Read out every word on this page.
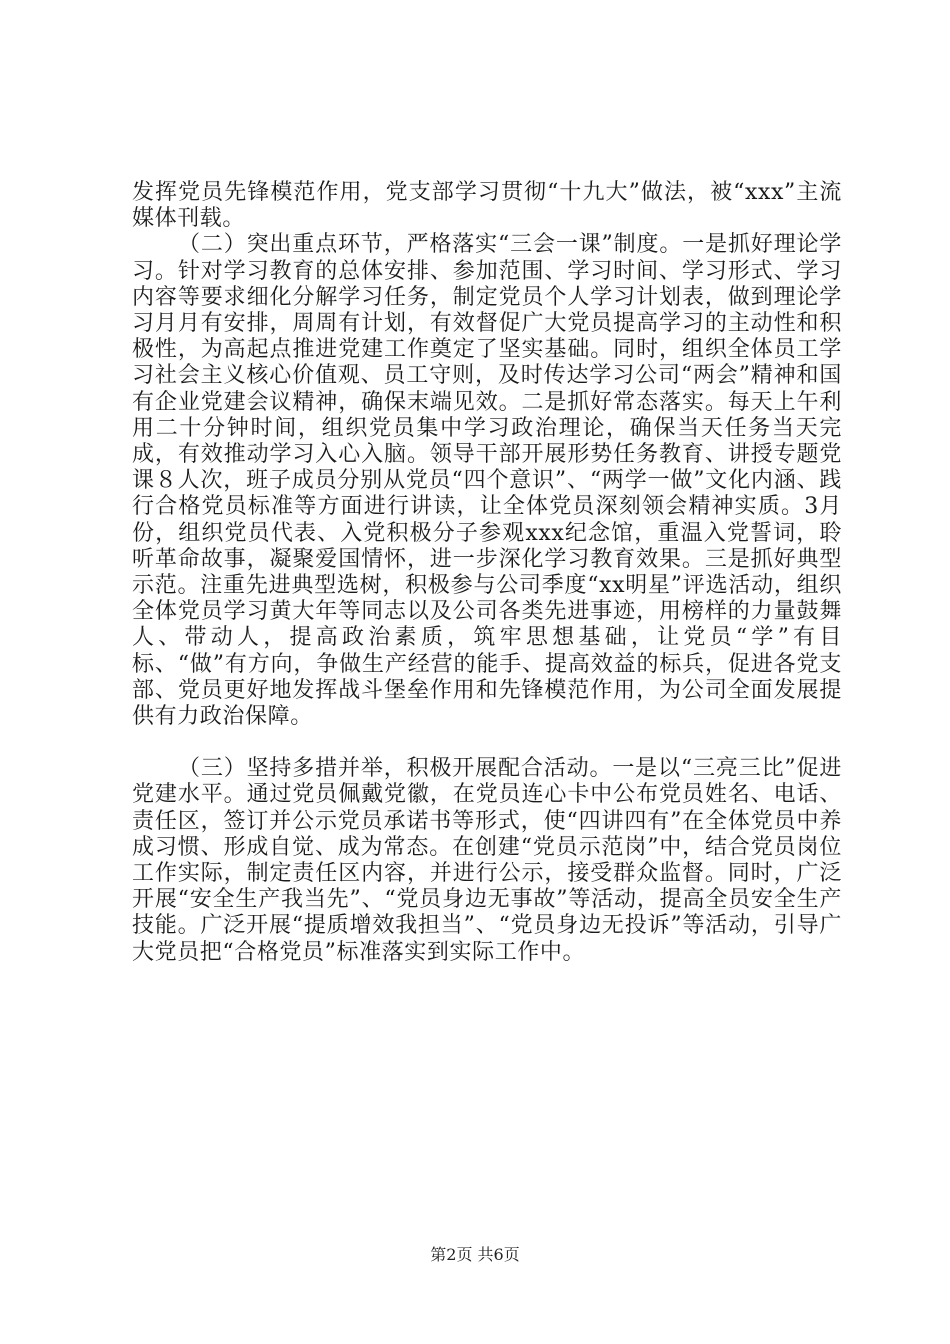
发挥党员先锋模范作用，党支部学习贯彻“十九大”做法，被“xxx”主流媒体刊载。

（二）突出重点环节，严格落实“三会一课”制度。一是抓好理论学习。针对学习教育的总体安排、参加范围、学习时间、学习形式、学习内容等要求细化分解学习任务，制定党员个人学习计划表，做到理论学习月月有安排，周周有计划，有效督促广大党员提高学习的主动性和积极性，为高起点推进党建工作奠定了坚实基础。同时，组织全体员工学习社会主义核心价值观、员工守则，及时传达学习公司“两会”精神和国有企业党建会议精神，确保末端见效。二是抓好常态落实。每天上午利用二十分钟时间，组织党员集中学习政治理论，确保当天任务当天完成，有效推动学习入心入脑。领导干部开展形势任务教育、讲授专题党课８人次，班子成员分别从党员“四个意识”、“两学一做”文化内涵、践行合格党员标准等方面进行讲读，让全体党员深刻领会精神实质。3月份，组织党员代表、入党积极分子参观xxx纪念馆，重温入党誓词，聆听革命故事，凝聚爱国情怀，进一步深化学习教育效果。三是抓好典型示范。注重先进典型选树，积极参与公司季度“xx明星”评选活动，组织全体党员学习黄大年等同志以及公司各类先进事迹，用榜样的力量鼓舞人、带动人，提高政治素质，筑牢思想基础，让党员“学”有目标、“做”有方向，争做生产经营的能手、提高效益的标兵，促进各党支部、党员更好地发挥战斗堡垒作用和先锋模范作用，为公司全面发展提供有力政治保障。

（三）坚持多措并举，积极开展配合活动。一是以“三亮三比”促进党建水平。通过党员佩戴党徽，在党员连心卡中公布党员姓名、电话、责任区，签订并公示党员承诺书等形式，使“四讲四有”在全体党员中养成习惯、形成自觉、成为常态。在创建“党员示范岗”中，结合党员岗位工作实际，制定责任区内容，并进行公示，接受群众监督。同时，广泛开展“安全生产我当先”、“党员身边无事故”等活动，提高全员安全生产技能。广泛开展“提质增效我担当”、“党员身边无投诉”等活动，引导广大党员把“合格党员”标准落实到实际工作中。

第2页 共6页
